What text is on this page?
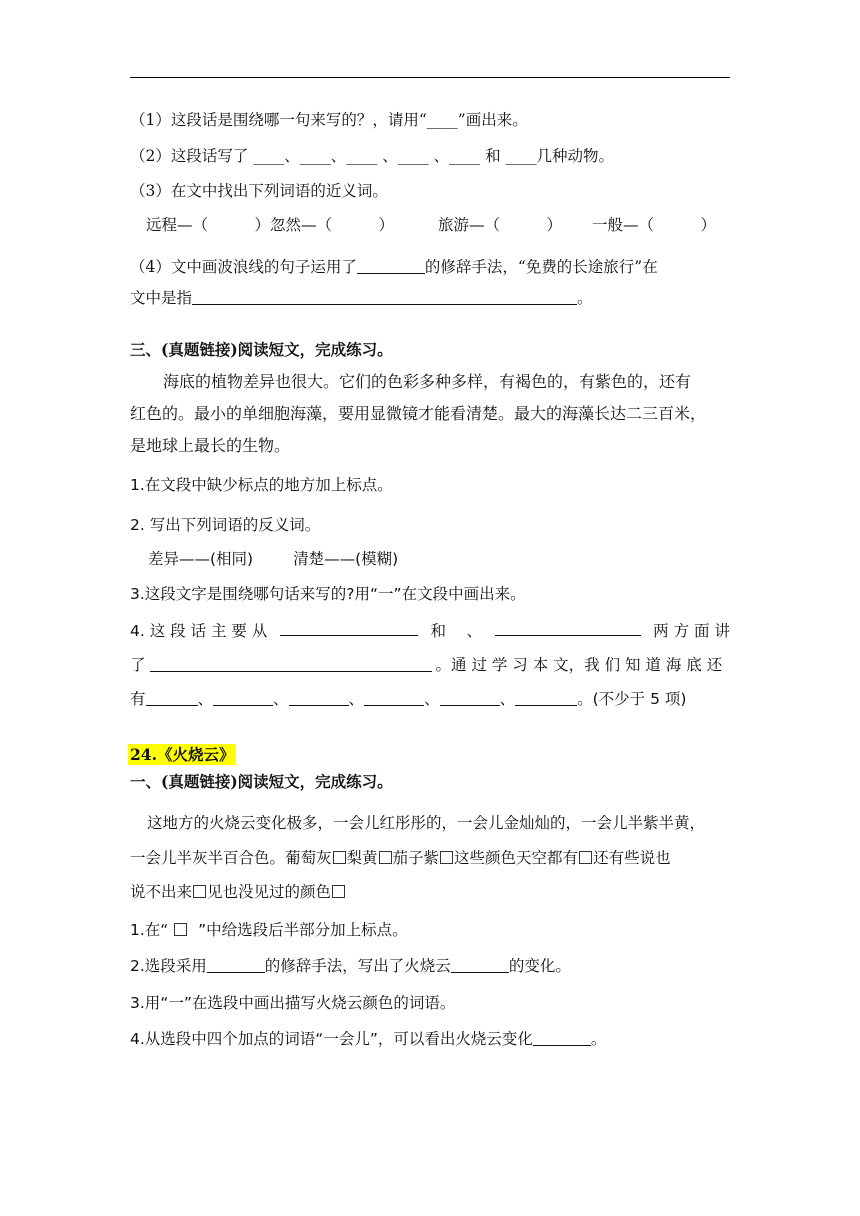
（1）这段话是围绕哪一句来写的？，请用“____”画出来。
（2）这段话写了 ____、____、____ 、____ 、____ 和 ____几种动物。
（3）在文中找出下列词语的近义词。
远程—（　　　）忽然—（　　　）	旅游—（　　　） 一般—（　　　）
（4）文中画波浪线的句子运用了	的修辞手法，“免费的长途旅行”在
文中是指	。
三、(真题链接)阅读短文，完成练习。
海底的植物差异也很大。它们的色彩多种多样，有褐色的，有紫色的，还有
红色的。最小的单细胞海藻，要用显微镜才能看清楚。最大的海藻长达二三百米，
是地球上最长的生物。
1.在文段中缺少标点的地方加上标点。
2. 写出下列词语的反义词。
差异——(相同)	清楚——(模糊)
3.这段文字是围绕哪句话来写的?用“一”在文段中画出来。
4. 这 段 话 主 要 从	和　 、	两 方 面 讲
了	。通 过 学 习 本 文，我 们 知 道 海 底 还
有	、	、	、	、	、	。(不少于 5 项)
24.《火烧云》
一、(真题链接)阅读短文，完成练习。
这地方的火烧云变化极多，一会儿红彤彤的，一会儿金灿灿的，一会儿半紫半黄，
一会儿半灰半百合色。葡萄灰 梨黄 茄子紫 这些颜色天空都有 还有些说也
说不出来 见也没见过的颜色
1.在“ ”中给选段后半部分加上标点。
2.选段采用	的修辞手法，写出了火烧云	的变化。
3.用“一”在选段中画出描写火烧云颜色的词语。
4.从选段中四个加点的词语“一会儿”，可以看出火烧云变化	。
